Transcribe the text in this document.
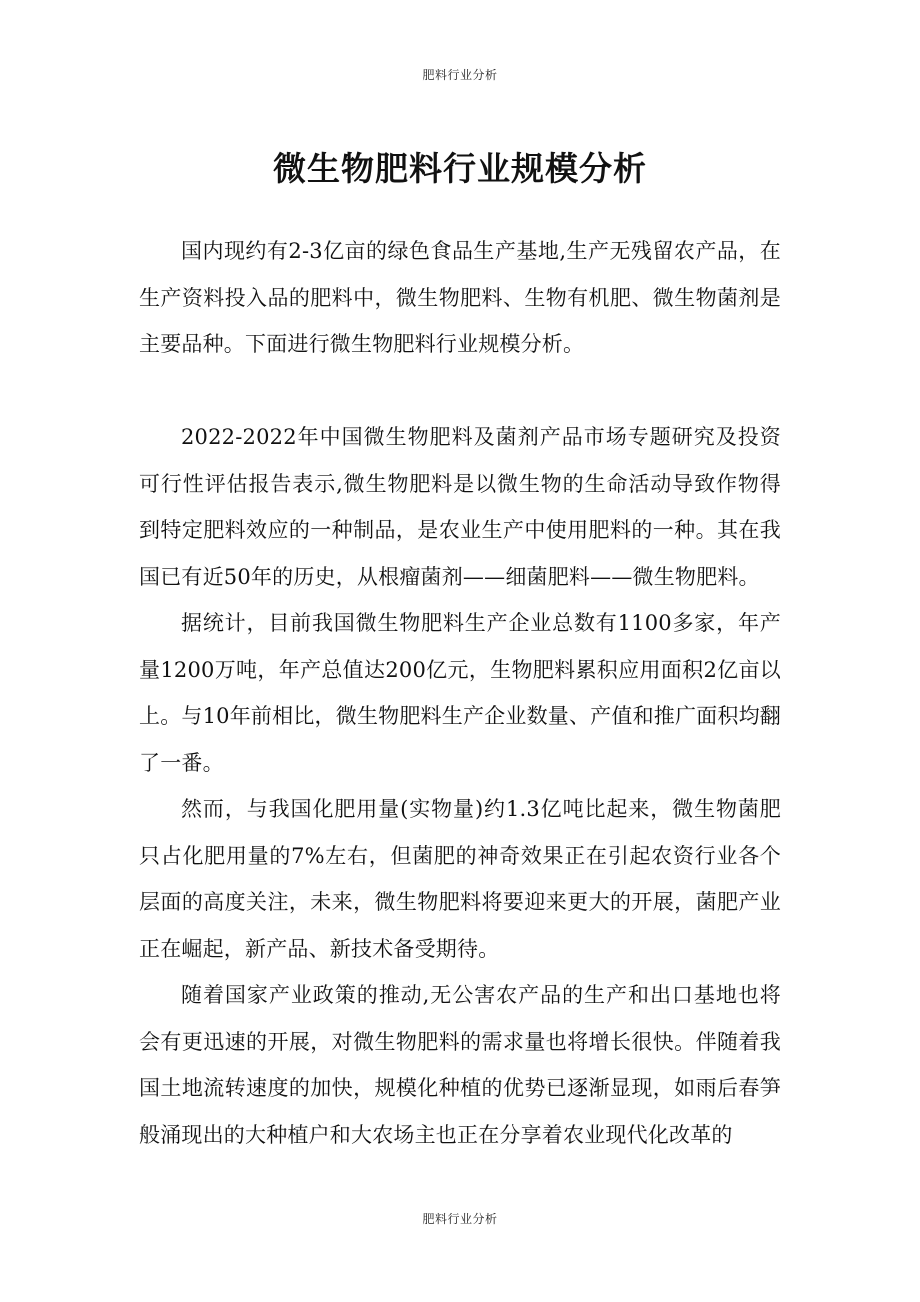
肥料行业分析
微生物肥料行业规模分析

国内现约有2-3亿亩的绿色食品生产基地,生产无残留农产品，在生产资料投入品的肥料中，微生物肥料、生物有机肥、微生物菌剂是主要品种。下面进行微生物肥料行业规模分析。

2022-2022年中国微生物肥料及菌剂产品市场专题研究及投资可行性评估报告表示,微生物肥料是以微生物的生命活动导致作物得到特定肥料效应的一种制品，是农业生产中使用肥料的一种。其在我国已有近50年的历史，从根瘤菌剂——细菌肥料——微生物肥料。

据统计，目前我国微生物肥料生产企业总数有1100多家，年产量1200万吨，年产总值达200亿元，生物肥料累积应用面积2亿亩以上。与10年前相比，微生物肥料生产企业数量、产值和推广面积均翻了一番。

然而，与我国化肥用量(实物量)约1.3亿吨比起来，微生物菌肥只占化肥用量的7%左右，但菌肥的神奇效果正在引起农资行业各个层面的高度关注，未来，微生物肥料将要迎来更大的开展，菌肥产业正在崛起，新产品、新技术备受期待。

随着国家产业政策的推动,无公害农产品的生产和出口基地也将会有更迅速的开展，对微生物肥料的需求量也将增长很快。伴随着我国土地流转速度的加快，规模化种植的优势已逐渐显现，如雨后春笋般涌现出的大种植户和大农场主也正在分享着农业现代化改革的

肥料行业分析
